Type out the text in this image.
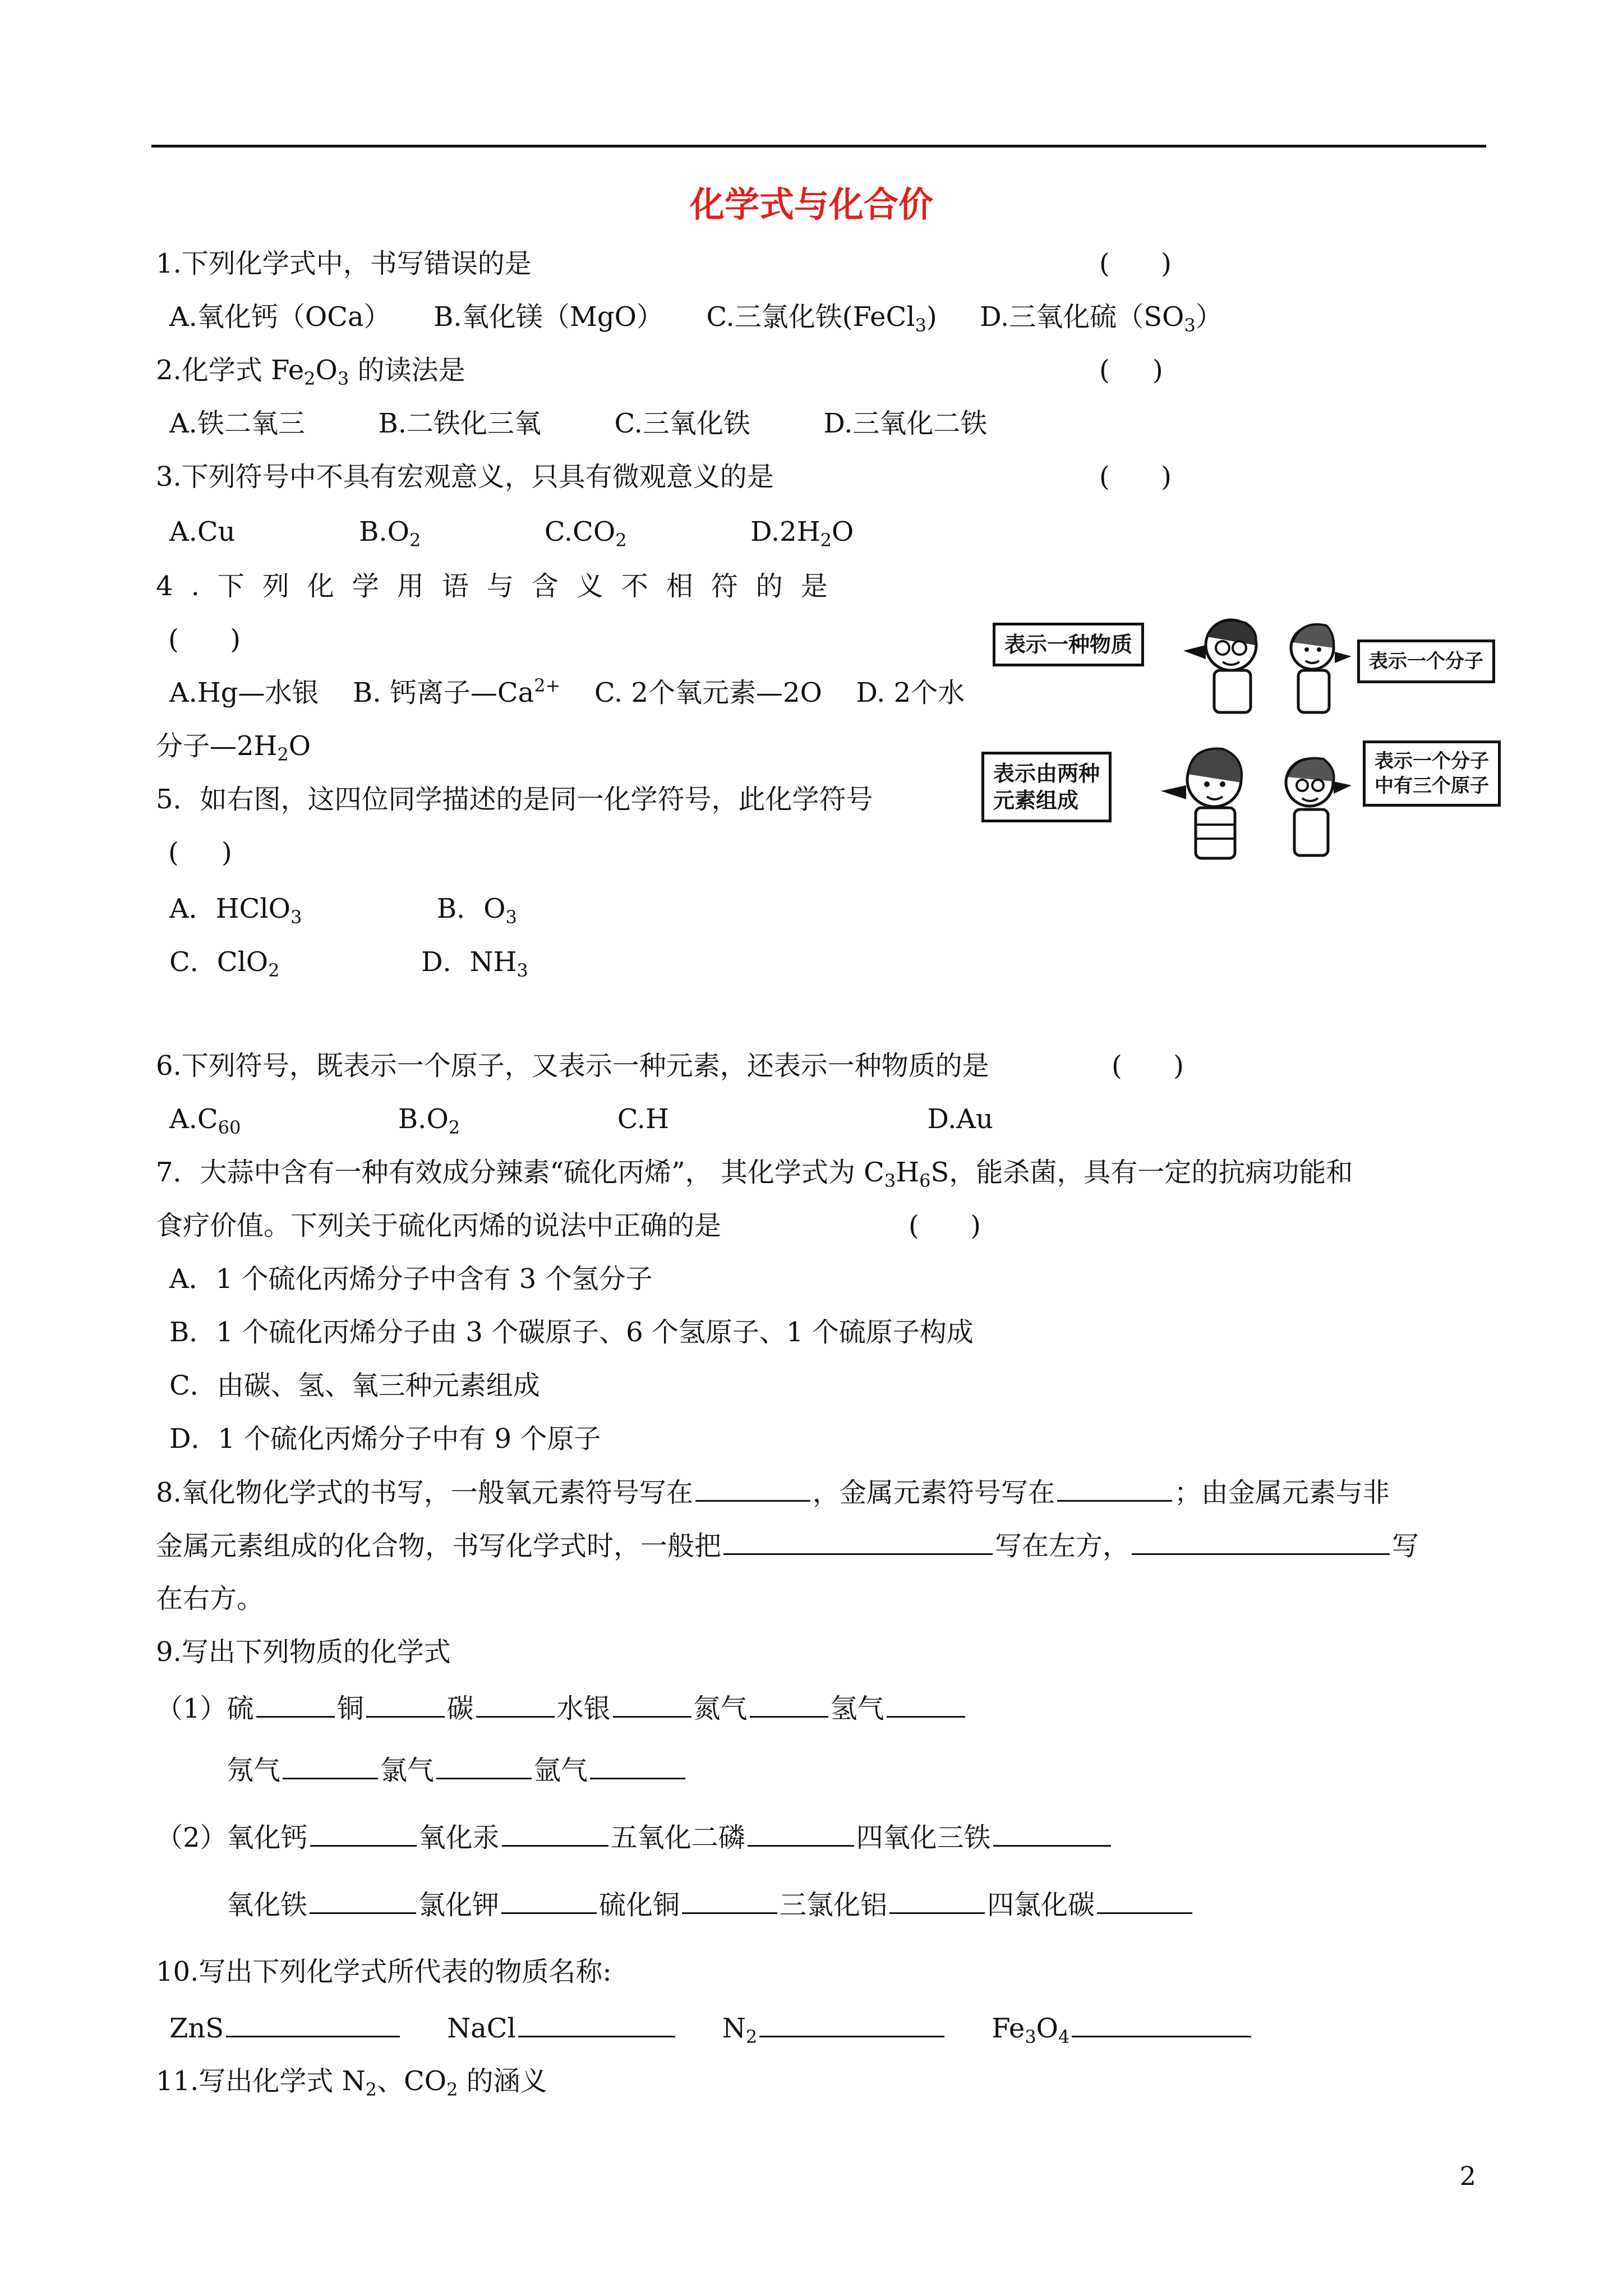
化学式与化合价
1.下列化学式中，书写错误的是	(      )
A.氧化钙（OCa） B.氧化镁（MgO） C.三氯化铁(FeCl$_3$) D.三氧化硫$(SO_3)$
2.化学式 $Fe_2O_3$ 的读法是	(     )
A.铁二氧三	B.二铁化三氧	C.三氧化铁	D.三氧化二铁
3.下列符号中不具有宏观意义，只具有微观意义的是	(      )
A.Cu	$B.O_2$	$C.CO_2$	$D.2H_2O$
4.下列化学用语与含义不相符的是
(      )
A.Hg—水银 B. 钙离子$—Ca^{2+}$ C. 2个氧元素—2O D. 2个水
分子$—2H_2O$
5．如右图，这四位同学描述的是同一化学符号，此化学符号
(     )
A．HClO$_3$	B．$O_3$
C．ClO$_2$	D．$NH_3$
表示一种物质
表示一个分子
表示由两种
元素组成
表示一个分子
中有三个原子
6.下列符号，既表示一个原子，又表示一种元素，还表示一种物质的是	(      )
$A.C_{60}$	$B.O_2$	C.H	D.Au
7．大蒜中含有一种有效成分辣素“硫化丙烯”， 其化学式为 $C_3H_6S$，能杀菌，具有一定的抗病功能和
食疗价值。下列关于硫化丙烯的说法中正确的是	(      )
A．1 个硫化丙烯分子中含有 3 个氢分子
B．1 个硫化丙烯分子由 3 个碳原子、6 个氢原子、1 个硫原子构成
C．由碳、氢、氧三种元素组成
D．1 个硫化丙烯分子中有 9 个原子
8.氧化物化学式的书写，一般氧元素符号写在	，金属元素符号写在	；由金属元素与非
金属元素组成的化合物，书写化学式时，一般把	写在左方，	写
在右方。
9.写出下列物质的化学式
（1）硫	铜	碳	水银	氮气	氢气
氖气	氯气	氩气
（2）氧化钙	氧化汞	五氧化二磷	四氧化三铁
氧化铁	氯化钾	硫化铜	三氯化铝	四氯化碳
10.写出下列化学式所代表的物质名称:
ZnS	NaCl	$N_2$	$Fe_3O_4$
11.写出化学式 $N_2$、$CO_2$ 的涵义
2
